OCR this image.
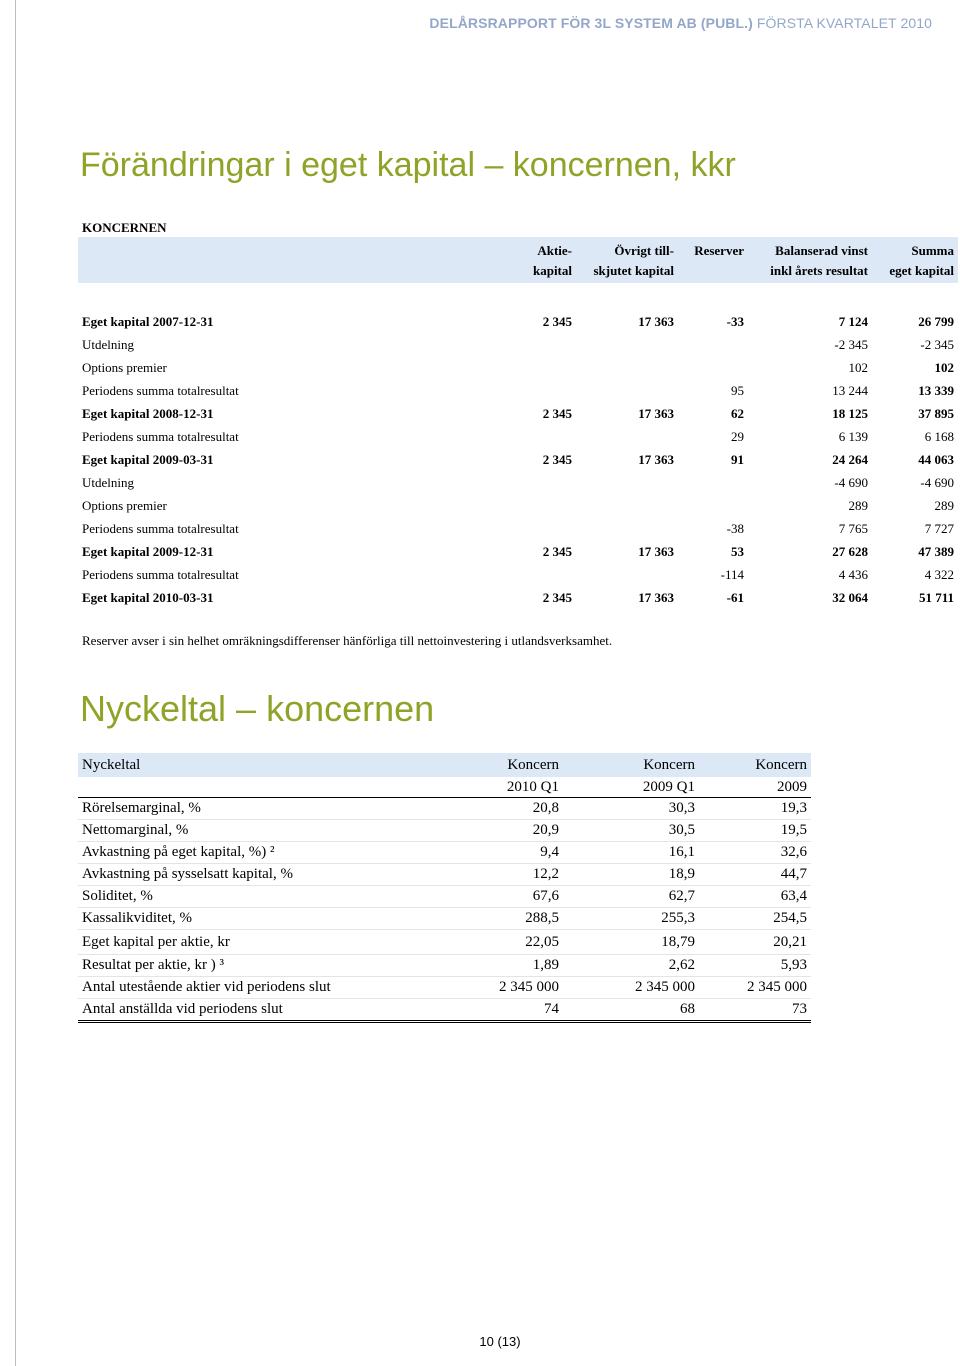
DELÅRSRAPPORT FÖR 3L SYSTEM AB (PUBL.) FÖRSTA KVARTALET 2010
Förändringar i eget kapital – koncernen, kkr
KONCERNEN
	Aktie-	Övrigt till-	Reserver	Balanserad vinst	Summa
	kapital	skjutet kapital		inkl årets resultat	eget kapital

Eget kapital 2007-12-31	2 345	17 363	-33	7 124	26 799
Utdelning				-2 345	-2 345
Options premier				102	102
Periodens summa totalresultat			95	13 244	13 339
Eget kapital 2008-12-31	2 345	17 363	62	18 125	37 895
Periodens summa totalresultat			29	6 139	6 168
Eget kapital 2009-03-31	2 345	17 363	91	24 264	44 063
Utdelning				-4 690	-4 690
Options premier				289	289
Periodens summa totalresultat			-38	7 765	7 727
Eget kapital 2009-12-31	2 345	17 363	53	27 628	47 389
Periodens summa totalresultat			-114	4 436	4 322
Eget kapital 2010-03-31	2 345	17 363	-61	32 064	51 711
Reserver avser i sin helhet omräkningsdifferenser hänförliga till nettoinvestering i utlandsverksamhet.
Nyckeltal – koncernen
Nyckeltal	Koncern	Koncern	Koncern
	2010 Q1	2009 Q1	2009
Rörelsemarginal, %	20,8	30,3	19,3
Nettomarginal, %	20,9	30,5	19,5
Avkastning på eget kapital, %) ²	9,4	16,1	32,6
Avkastning på sysselsatt kapital, %	12,2	18,9	44,7
Soliditet, %	67,6	62,7	63,4
Kassalikviditet, %	288,5	255,3	254,5
Eget kapital per aktie, kr	22,05	18,79	20,21
Resultat per aktie, kr ) ³	1,89	2,62	5,93
Antal utestående aktier vid periodens slut	2 345 000	2 345 000	2 345 000
Antal anställda vid periodens slut	74	68	73
10 (13)
